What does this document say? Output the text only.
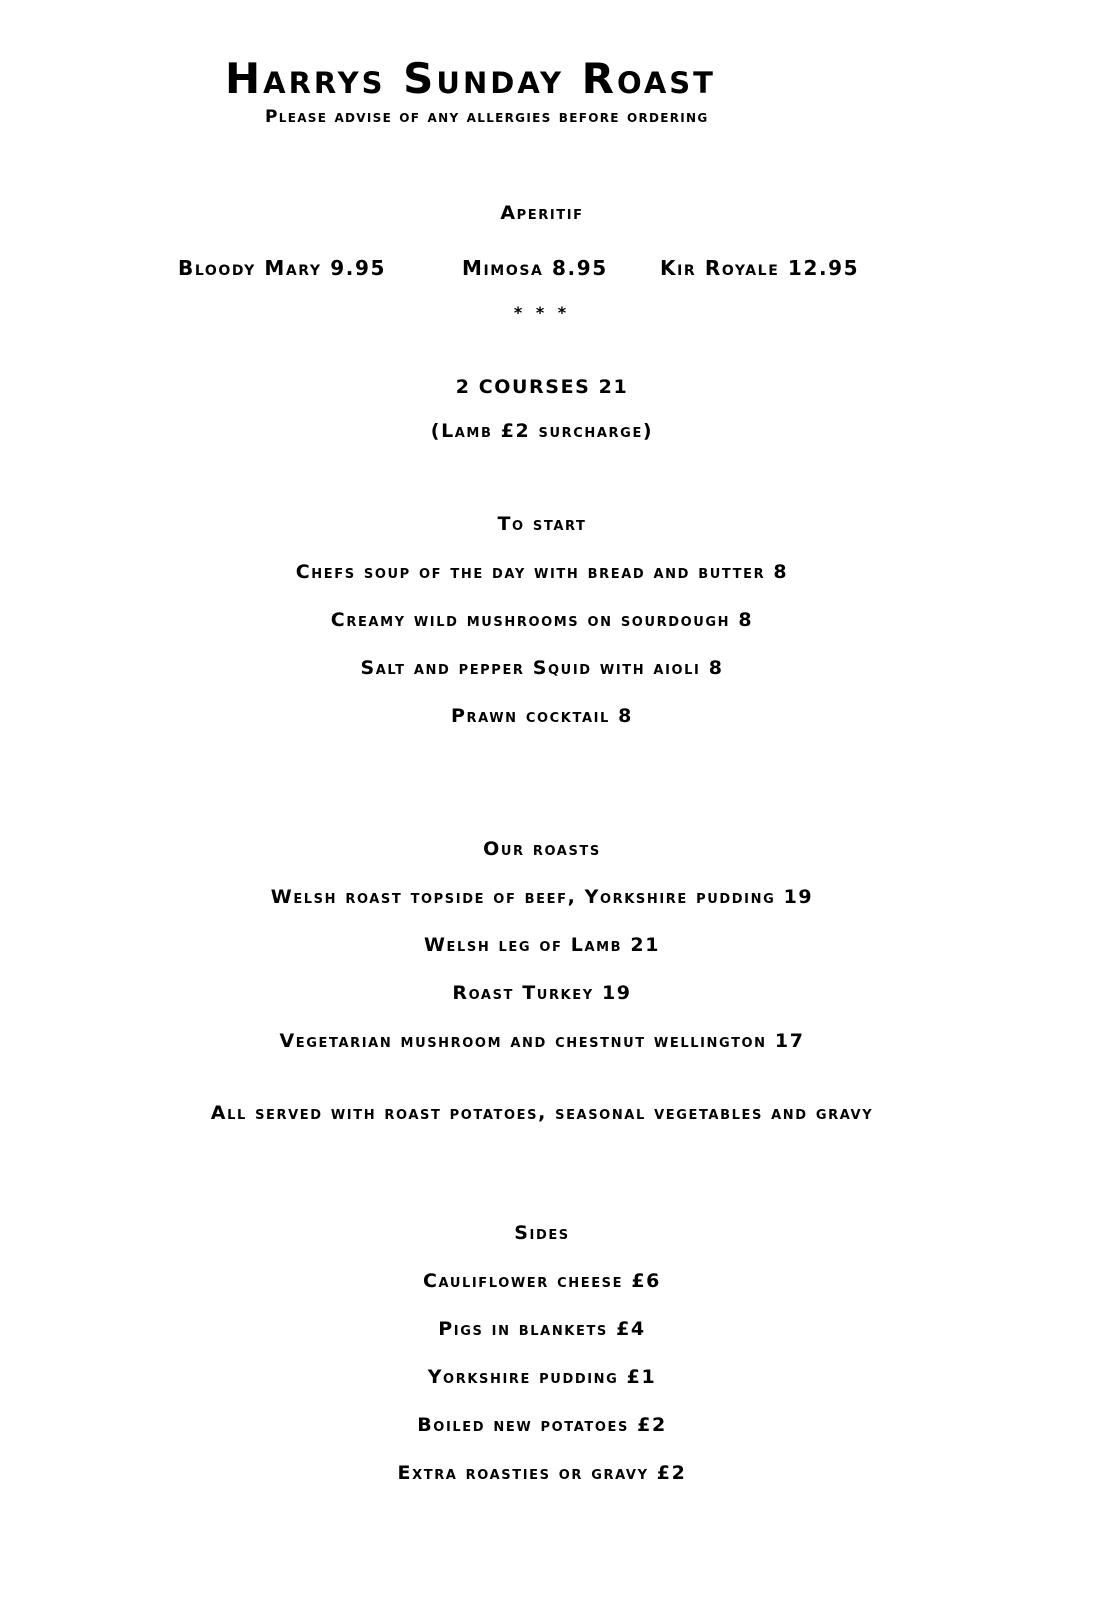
Harrys Sunday Roast
Please advise of any allergies before ordering
Aperitif
Bloody Mary 9.95	Mimosa 8.95	Kir Royale 12.95
* * *
2 COURSES 21
(Lamb £2 surcharge)
To start
Chefs soup of the day with bread and butter 8
Creamy wild mushrooms on sourdough 8
Salt and pepper Squid with aioli 8
Prawn cocktail 8
Our roasts
Welsh roast topside of beef, Yorkshire pudding 19
Welsh leg of Lamb 21
Roast Turkey 19
Vegetarian mushroom and chestnut wellington 17
All served with roast potatoes, seasonal vegetables and gravy
Sides
Cauliflower cheese £6
Pigs in blankets £4
Yorkshire pudding £1
Boiled new potatoes £2
Extra roasties or gravy £2
